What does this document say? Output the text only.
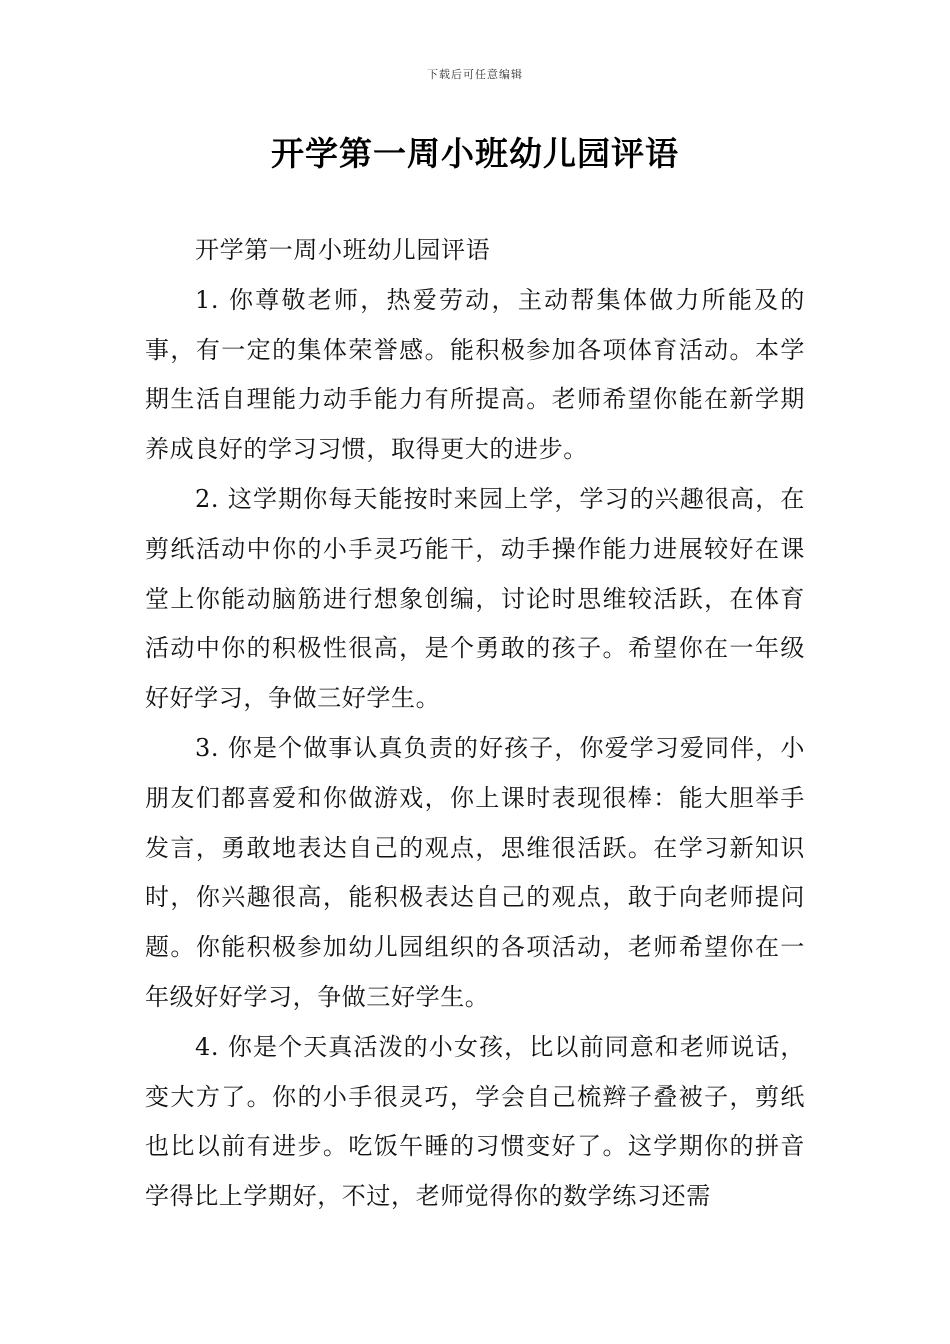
下载后可任意编辑
开学第一周小班幼儿园评语

开学第一周小班幼儿园评语

1. 你尊敬老师，热爱劳动，主动帮集体做力所能及的事，有一定的集体荣誉感。能积极参加各项体育活动。本学期生活自理能力动手能力有所提高。老师希望你能在新学期养成良好的学习习惯，取得更大的进步。

2. 这学期你每天能按时来园上学，学习的兴趣很高，在剪纸活动中你的小手灵巧能干，动手操作能力进展较好在课堂上你能动脑筋进行想象创编，讨论时思维较活跃，在体育活动中你的积极性很高，是个勇敢的孩子。希望你在一年级好好学习，争做三好学生。

3. 你是个做事认真负责的好孩子，你爱学习爱同伴，小朋友们都喜爱和你做游戏，你上课时表现很棒：能大胆举手发言，勇敢地表达自己的观点，思维很活跃。在学习新知识时，你兴趣很高，能积极表达自己的观点，敢于向老师提问题。你能积极参加幼儿园组织的各项活动，老师希望你在一年级好好学习，争做三好学生。

4. 你是个天真活泼的小女孩，比以前同意和老师说话，变大方了。你的小手很灵巧，学会自己梳辫子叠被子，剪纸也比以前有进步。吃饭午睡的习惯变好了。这学期你的拼音学得比上学期好，不过，老师觉得你的数学练习还需
